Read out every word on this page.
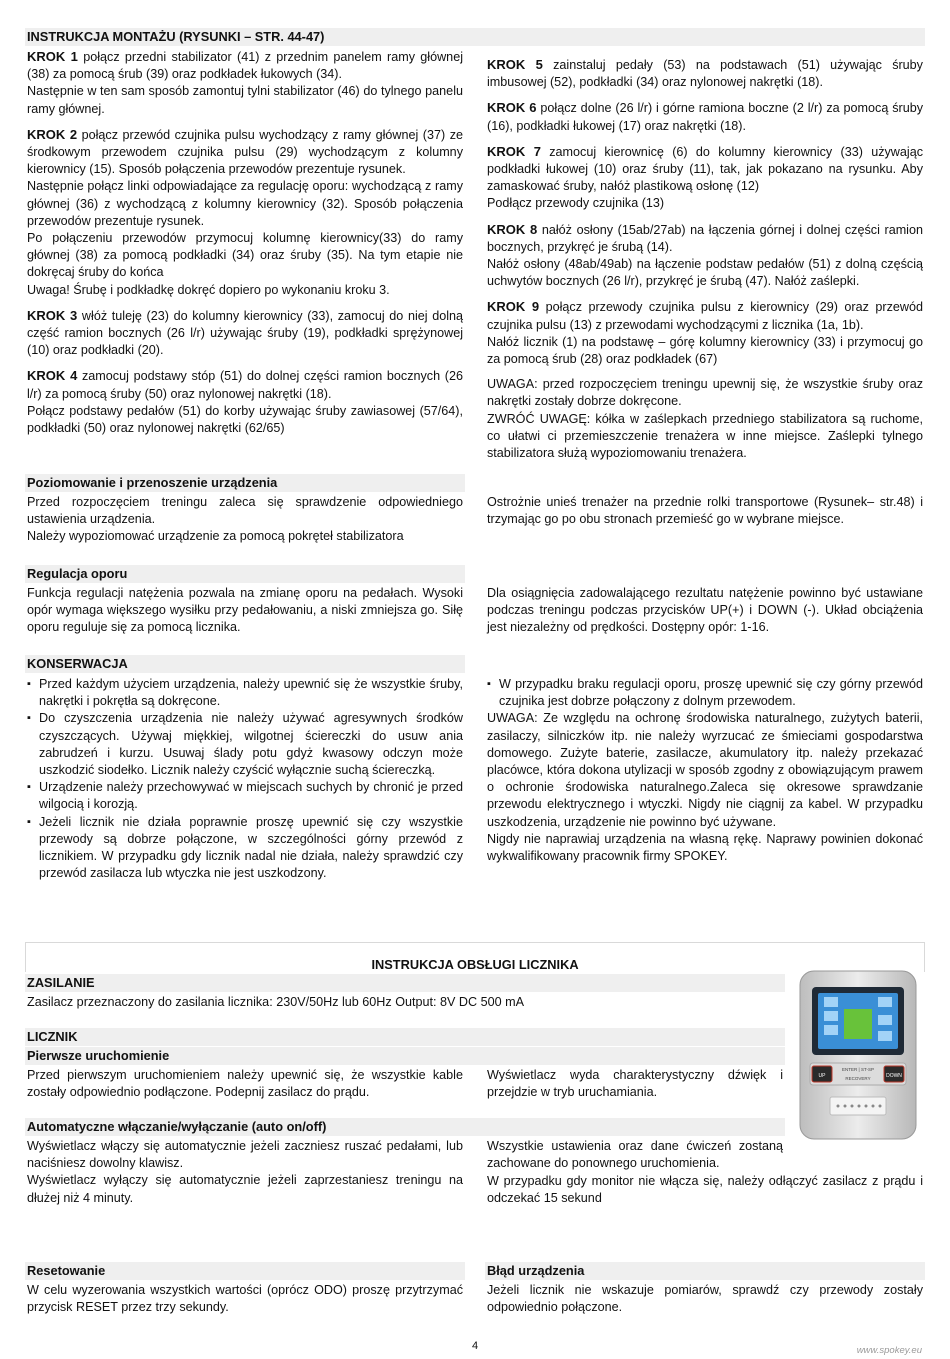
INSTRUKCJA MONTAŻU (RYSUNKI – STR. 44-47)

KROK 1 połącz przedni stabilizator (41) z przednim panelem ramy głównej (38) za pomocą śrub (39) oraz podkładek łukowych (34).

Następnie w ten sam sposób zamontuj tylni stabilizator (46) do tylnego panelu ramy głównej.

KROK 2 połącz przewód czujnika pulsu wychodzący z ramy głównej (37) ze środkowym przewodem czujnika pulsu (29) wychodzącym z kolumny kierownicy (15). Sposób połączenia przewodów prezentuje rysunek.

Następnie połącz linki odpowiadające za regulację oporu: wychodzącą z ramy głównej (36) z wychodzącą z kolumny kierownicy (32). Sposób połączenia przewodów prezentuje rysunek.

Po połączeniu przewodów przymocuj kolumnę kierownicy(33) do ramy głównej (38) za pomocą podkładki (34) oraz śruby (35). Na tym etapie nie dokręcaj śruby do końca

Uwaga! Śrubę i podkładkę dokręć dopiero po wykonaniu kroku 3.

KROK 3 włóż tuleję (23) do kolumny kierownicy (33), zamocuj do niej dolną część ramion bocznych (26 l/r) używając śruby (19), podkładki sprężynowej (10) oraz podkładki (20).

KROK 4 zamocuj podstawy stóp (51) do dolnej części ramion bocznych (26 l/r) za pomocą śruby (50) oraz nylonowej nakrętki (18).

Połącz podstawy pedałów (51) do korby używając śruby zawiasowej (57/64), podkładki (50) oraz nylonowej nakrętki (62/65)

KROK 5 zainstaluj pedały (53) na podstawach (51) używając śruby imbusowej (52), podkładki (34) oraz nylonowej nakrętki (18).

KROK 6 połącz dolne (26 l/r) i górne ramiona boczne (2 l/r) za pomocą śruby (16), podkładki łukowej (17) oraz nakrętki (18).

KROK 7 zamocuj kierownicę (6) do kolumny kierownicy (33) używając podkładki łukowej (10) oraz śruby (11), tak, jak pokazano na rysunku. Aby zamaskować śruby, nałóż plastikową osłonę (12)

Podłącz przewody czujnika (13)

KROK 8 nałóż osłony (15ab/27ab) na łączenia górnej i dolnej części ramion bocznych, przykręć je śrubą (14).

Nałóż osłony (48ab/49ab) na łączenie podstaw pedałów (51) z dolną częścią uchwytów bocznych (26 l/r), przykręć je śrubą (47). Nałóż zaślepki.

KROK 9 połącz przewody czujnika pulsu z kierownicy (29) oraz przewód czujnika pulsu (13) z przewodami wychodzącymi z licznika (1a, 1b).

Nałóż licznik (1) na podstawę – górę kolumny kierownicy (33) i przymocuj go za pomocą śrub (28) oraz podkładek (67)

UWAGA: przed rozpoczęciem treningu upewnij się, że wszystkie śruby oraz nakrętki zostały dobrze dokręcone.

ZWRÓĆ UWAGĘ: kółka w zaślepkach przedniego stabilizatora są ruchome, co ułatwi ci przemieszczenie trenażera w inne miejsce. Zaślepki tylnego stabilizatora służą wypoziomowaniu trenażera.

Poziomowanie i przenoszenie urządzenia

Przed rozpoczęciem treningu zaleca się sprawdzenie odpowiedniego ustawienia urządzenia.

Należy wypoziomować urządzenie za pomocą pokręteł stabilizatora

Ostrożnie unieś trenażer na przednie rolki transportowe (Rysunek– str.48) i trzymając go po obu stronach przemieść go w wybrane miejsce.

Regulacja oporu

Funkcja regulacji natężenia pozwala na zmianę oporu na pedałach. Wysoki opór wymaga większego wysiłku przy pedałowaniu, a niski zmniejsza go. Siłę oporu reguluje się za pomocą licznika.

Dla osiągnięcia zadowalającego rezultatu natężenie powinno być ustawiane podczas treningu podczas przycisków UP(+) i DOWN (-). Układ obciążenia jest niezależny od prędkości. Dostępny opór: 1-16.

KONSERWACJA
▪ Przed każdym użyciem urządzenia, należy upewnić się że wszystkie śruby, nakrętki i pokrętła są dokręcone.
▪ Do czyszczenia urządzenia nie należy używać agresywnych środków czyszczących. Używaj miękkiej, wilgotnej ściereczki do usuw ania zabrudzeń i kurzu. Usuwaj ślady potu gdyż kwasowy odczyn może uszkodzić siodełko. Licznik należy czyścić wyłącznie suchą ściereczką.
▪ Urządzenie należy przechowywać w miejscach suchych by chronić je przed wilgocią i korozją.
▪ Jeżeli licznik nie działa poprawnie proszę upewnić się czy wszystkie przewody są dobrze połączone, w szczególności górny przewód z licznikiem. W przypadku gdy licznik nadal nie działa, należy sprawdzić czy przewód zasilacza lub wtyczka nie jest uszkodzony.
▪ W przypadku braku regulacji oporu, proszę upewnić się czy górny przewód czujnika jest dobrze połączony z dolnym przewodem.

UWAGA: Ze względu na ochronę środowiska naturalnego, zużytych baterii, zasilaczy, silniczków itp. nie należy wyrzucać ze śmieciami gospodarstwa domowego. Zużyte baterie, zasilacze, akumulatory itp. należy przekazać placówce, która dokona utylizacji w sposób zgodny z obowiązującym prawem o ochronie środowiska naturalnego.Zaleca się okresowe sprawdzanie przewodu elektrycznego i wtyczki. Nigdy nie ciągnij za kabel. W przypadku uszkodzenia, urządzenie nie powinno być używane.

Nigdy nie naprawiaj urządzenia na własną rękę. Naprawy powinien dokonać wykwalifikowany pracownik firmy SPOKEY.

INSTRUKCJA OBSŁUGI LICZNIKA
ZASILANIE

Zasilacz przeznaczony do zasilania licznika: 230V/50Hz lub 60Hz Output: 8V DC 500 mA

LICZNIK
Pierwsze uruchomienie

Przed pierwszym uruchomieniem należy upewnić się, że wszystkie kable zostały odpowiednio podłączone. Podepnij zasilacz do prądu.

Wyświetlacz wyda charakterystyczny dźwięk i przejdzie w tryb uruchamiania.

Automatyczne włączanie/wyłączanie (auto on/off)

Wyświetlacz włączy się automatycznie jeżeli zaczniesz ruszać pedałami, lub naciśniesz dowolny klawisz.

Wyświetlacz wyłączy się automatycznie jeżeli zaprzestaniesz treningu na dłużej niż 4 minuty.

Wszystkie ustawienia oraz dane ćwiczeń zostaną zachowane do ponownego uruchomienia.

W przypadku gdy monitor nie włącza się, należy odłączyć zasilacz z prądu i odczekać 15 sekund

UP	DOWN
ENTER | ST-SP
RECOVERY
Resetowanie

W celu wyzerowania wszystkich wartości (oprócz ODO) proszę przytrzymać przycisk RESET przez trzy sekundy.

Błąd urządzenia

Jeżeli licznik nie wskazuje pomiarów, sprawdź czy przewody zostały odpowiednio połączone.

4	www.spokey.eu
